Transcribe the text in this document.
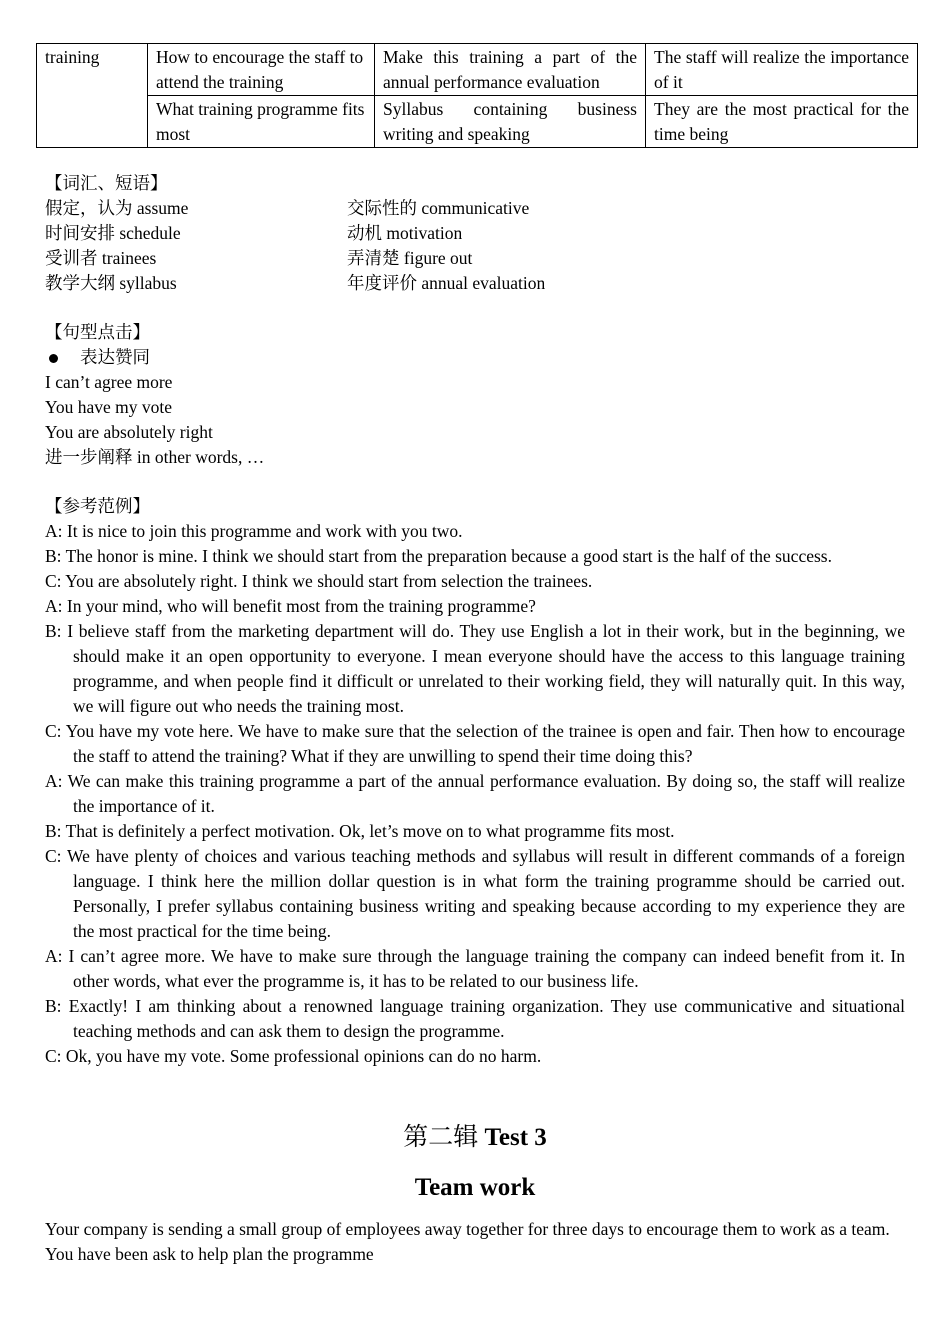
training	How to encourage the staff to attend the training	Make this training a part of the annual performance evaluation	The staff will realize the importance of it
	What training programme fits most	Syllabus containing business writing and speaking	They are the most practical for the time being
【词汇、短语】
假定，认为 assume	交际性的 communicative
时间安排 schedule	动机 motivation
受训者 trainees	弄清楚 figure out
教学大纲 syllabus	年度评价 annual evaluation
【句型点击】
表达赞同
I can’t agree more
You have my vote
You are absolutely right
进一步阐释 in other words, …
【参考范例】
A: It is nice to join this programme and work with you two.
B: The honor is mine. I think we should start from the preparation because a good start is the half of the success.
C: You are absolutely right. I think we should start from selection the trainees.
A: In your mind, who will benefit most from the training programme?
B: I believe staff from the marketing department will do. They use English a lot in their work, but in the beginning, we should make it an open opportunity to everyone. I mean everyone should have the access to this language training programme, and when people find it difficult or unrelated to their working field, they will naturally quit. In this way, we will figure out who needs the training most.
C: You have my vote here. We have to make sure that the selection of the trainee is open and fair. Then how to encourage the staff to attend the training? What if they are unwilling to spend their time doing this?
A: We can make this training programme a part of the annual performance evaluation. By doing so, the staff will realize the importance of it.
B: That is definitely a perfect motivation. Ok, let’s move on to what programme fits most.
C: We have plenty of choices and various teaching methods and syllabus will result in different commands of a foreign language. I think here the million dollar question is in what form the training programme should be carried out. Personally, I prefer syllabus containing business writing and speaking because according to my experience they are the most practical for the time being.
A: I can’t agree more. We have to make sure through the language training the company can indeed benefit from it. In other words, what ever the programme is, it has to be related to our business life.
B: Exactly! I am thinking about a renowned language training organization. They use communicative and situational teaching methods and can ask them to design the programme.
C: Ok, you have my vote. Some professional opinions can do no harm.
第二辑 Test 3
Team work
Your company is sending a small group of employees away together for three days to encourage them to work as a team.
You have been ask to help plan the programme
